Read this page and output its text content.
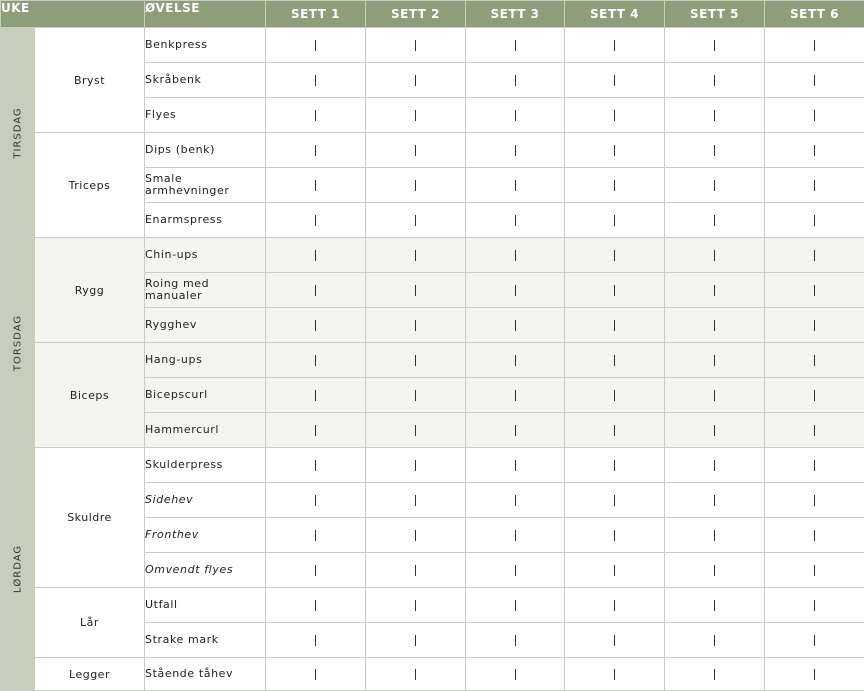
UKE		ØVELSE	SETT 1	SETT 2	SETT 3	SETT 4	SETT 5	SETT 6

TIRSDAG	Bryst	Benkpress						
		Skråbenk						
		Flyes						
	Triceps	Dips (benk)						
		Smale armhevninger						
		Enarmspress						

TORSDAG	Rygg	Chin-ups						
		Roing med manualer						
		Rygghev						
	Biceps	Hang-ups						
		Bicepscurl						
		Hammercurl						

LØRDAG	Skuldre	Skulderpress						
		Sidehev						
		Fronthev						
		Omvendt flyes						
	Lår	Utfall						
		Strake mark						
	Legger	Stående tåhev						
